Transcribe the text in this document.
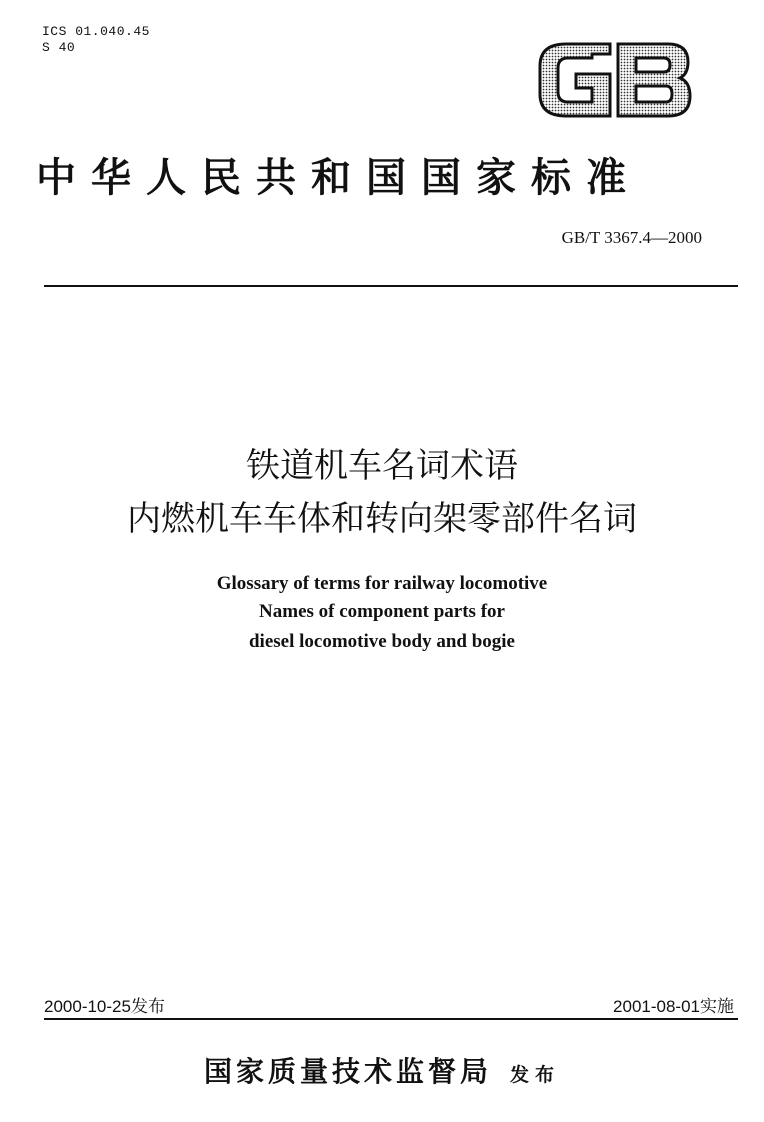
ICS 01.040.45
S 40
中华人民共和国国家标准
GB/T 3367.4—2000
铁道机车名词术语
内燃机车车体和转向架零部件名词
Glossary of terms for railway locomotive
Names of component parts for
diesel locomotive body and bogie
2000-10-25发布	2001-08-01实施
国家质量技术监督局 发布
